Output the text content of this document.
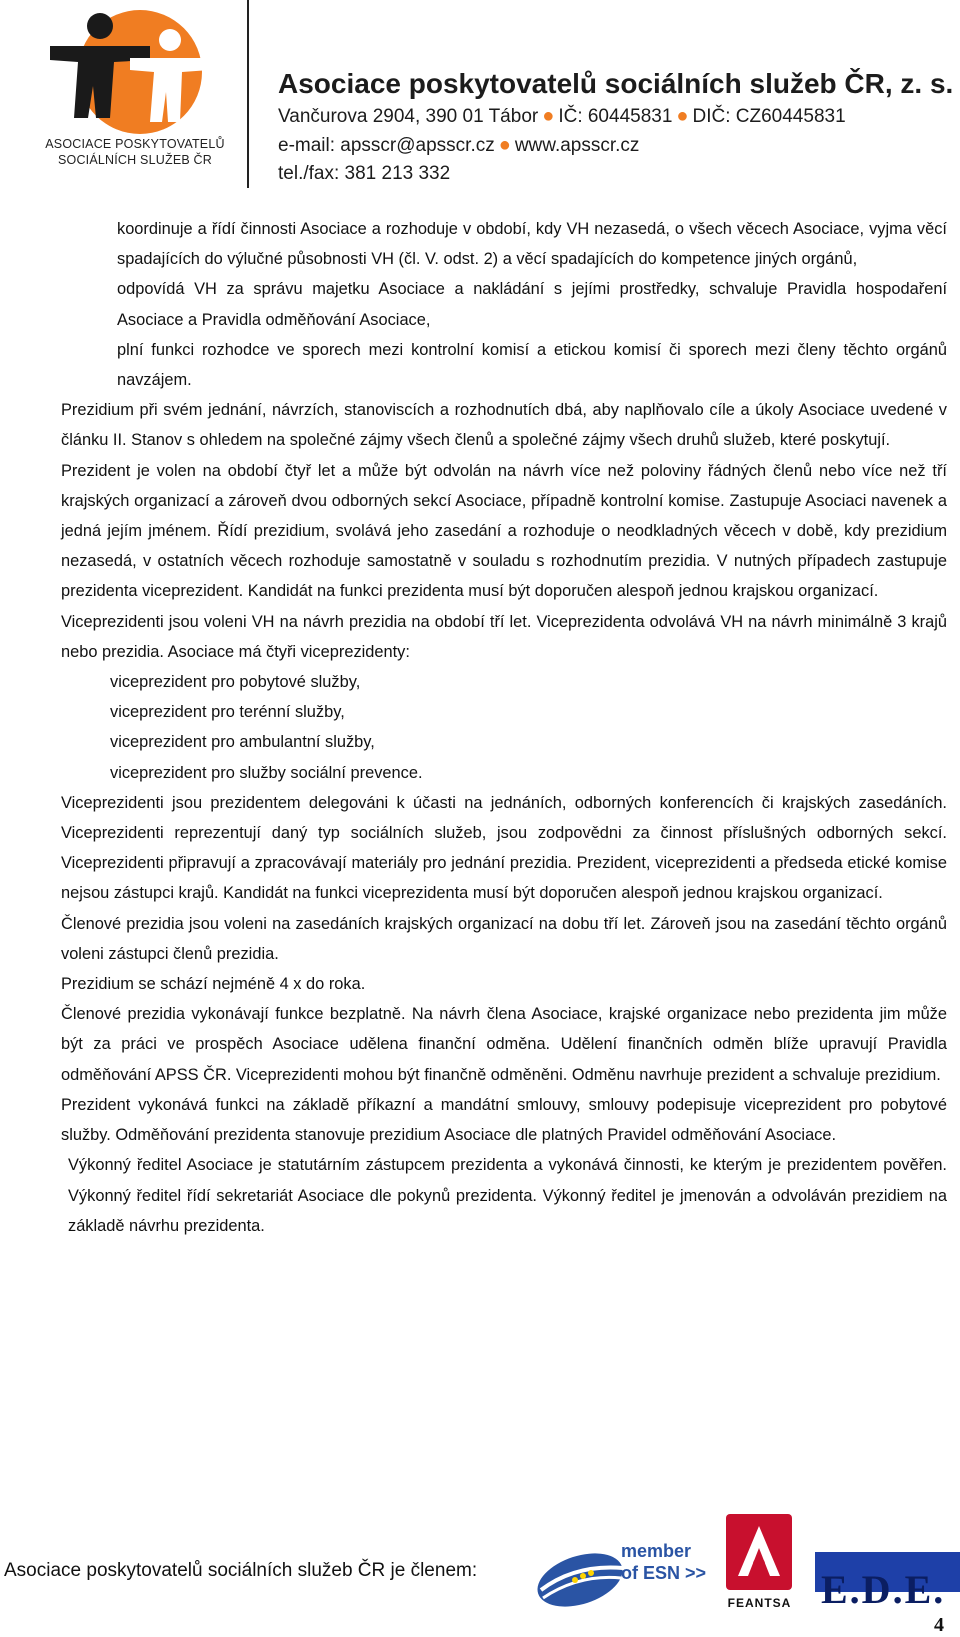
ASOCIACE POSKYTOVATELŮ
SOCIÁLNÍCH SLUŽEB ČR
Asociace poskytovatelů sociálních služeb ČR, z. s.
Vančurova 2904, 390 01 Tábor ● IČ: 60445831 ● DIČ: CZ60445831
e-mail: apsscr@apsscr.cz ● www.apsscr.cz
tel./fax: 381 213 332
koordinuje a řídí činnosti Asociace a rozhoduje v období, kdy VH nezasedá, o všech věcech Asociace, vyjma věcí spadajících do výlučné působnosti VH (čl. V. odst. 2) a věcí spadajících do kompetence jiných orgánů,
odpovídá VH za správu majetku Asociace a nakládání s jejími prostředky, schvaluje Pravidla hospodaření Asociace a Pravidla odměňování Asociace,
plní funkci rozhodce ve sporech mezi kontrolní komisí a etickou komisí či sporech mezi členy těchto orgánů navzájem.
Prezidium při svém jednání, návrzích, stanoviscích a rozhodnutích dbá, aby naplňovalo cíle a úkoly Asociace uvedené v článku II. Stanov s ohledem na společné zájmy všech členů a společné zájmy všech druhů služeb, které poskytují.
Prezident je volen na období čtyř let a může být odvolán na návrh více než poloviny řádných členů nebo více než tří krajských organizací a zároveň dvou odborných sekcí Asociace, případně kontrolní komise. Zastupuje Asociaci navenek a jedná jejím jménem. Řídí prezidium, svolává jeho zasedání a rozhoduje o neodkladných věcech v době, kdy prezidium nezasedá, v ostatních věcech rozhoduje samostatně v souladu s rozhodnutím prezidia. V nutných případech zastupuje prezidenta viceprezident. Kandidát na funkci prezidenta musí být doporučen alespoň jednou krajskou organizací.
Viceprezidenti jsou voleni VH na návrh prezidia na období tří let. Viceprezidenta odvolává VH na návrh minimálně 3 krajů nebo prezidia. Asociace má čtyři viceprezidenty:
viceprezident pro pobytové služby,
viceprezident pro terénní služby,
viceprezident pro ambulantní služby,
viceprezident pro služby sociální prevence.
Viceprezidenti jsou prezidentem delegováni k účasti na jednáních, odborných konferencích či krajských zasedáních. Viceprezidenti reprezentují daný typ sociálních služeb, jsou zodpovědni za činnost příslušných odborných sekcí. Viceprezidenti připravují a zpracovávají materiály pro jednání prezidia. Prezident, viceprezidenti a předseda etické komise nejsou zástupci krajů. Kandidát na funkci viceprezidenta musí být doporučen alespoň jednou krajskou organizací.
Členové prezidia jsou voleni na zasedáních krajských organizací na dobu tří let. Zároveň jsou na zasedání těchto orgánů voleni zástupci členů prezidia.
Prezidium se schází nejméně 4 x do roka.
Členové prezidia vykonávají funkce bezplatně. Na návrh člena Asociace, krajské organizace nebo prezidenta jim může být za práci ve prospěch Asociace udělena finanční odměna. Udělení finančních odměn blíže upravují Pravidla odměňování APSS ČR. Viceprezidenti mohou být finančně odměněni. Odměnu navrhuje prezident a schvaluje prezidium.
Prezident vykonává funkci na základě příkazní a mandátní smlouvy, smlouvy podepisuje viceprezident pro pobytové služby. Odměňování prezidenta stanovuje prezidium Asociace dle platných Pravidel odměňování Asociace.
Výkonný ředitel Asociace je statutárním zástupcem prezidenta a vykonává činnosti, ke kterým je prezidentem pověřen. Výkonný ředitel řídí sekretariát Asociace dle pokynů prezidenta. Výkonný ředitel je jmenován a odvoláván prezidiem na základě návrhu prezidenta.
Asociace poskytovatelů sociálních služeb ČR je členem:
member
of ESN >>
FEANTSA E.D.E.
4
